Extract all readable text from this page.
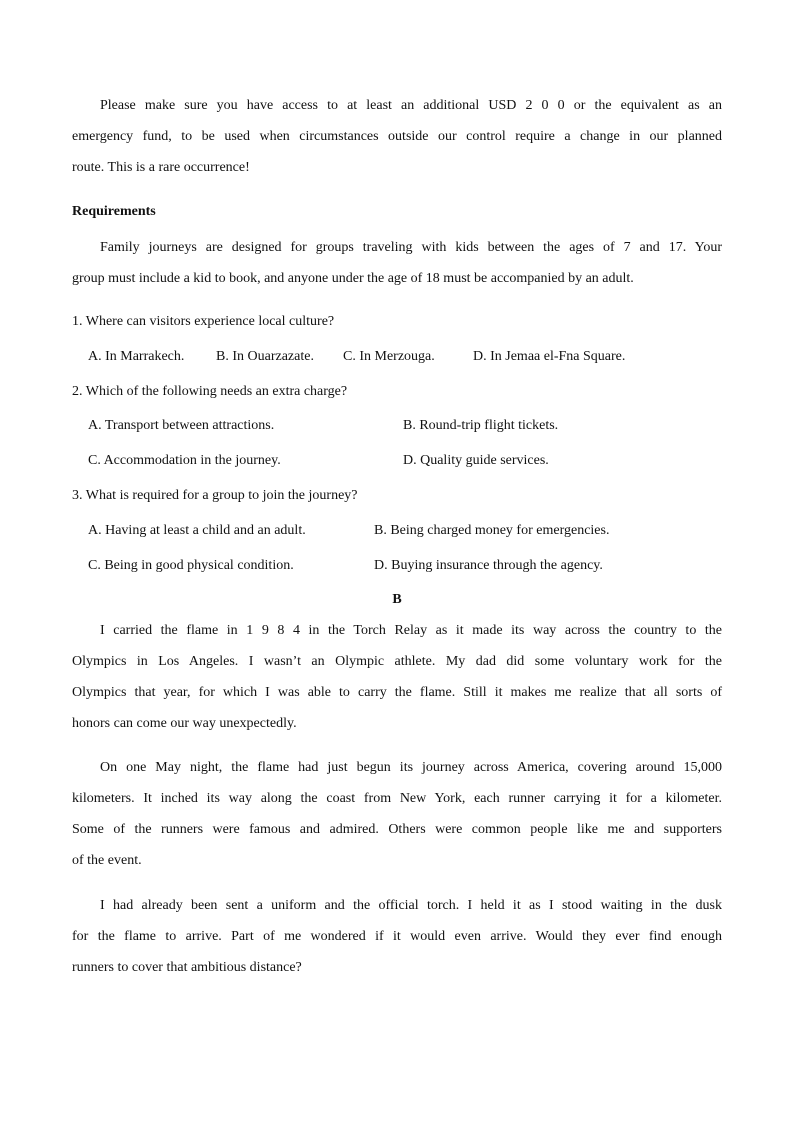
Please make sure you have access to at least an additional USD 2 0 0 or the equivalent as an
emergency fund, to be used when circumstances outside our control require a change in our planned
route. This is a rare occurrence!
Requirements
Family journeys are designed for groups traveling with kids between the ages of 7 and 17. Your
group must include a kid to book, and anyone under the age of 18 must be accompanied by an adult.
1. Where can visitors experience local culture?
A. In Marrakech. B. In Ouarzazate. C. In Merzouga.	D. In Jemaa el-Fna Square.
2. Which of the following needs an extra charge?
A. Transport between attractions.	B. Round-trip flight tickets.
C. Accommodation in the journey.	D. Quality guide services.
3. What is required for a group to join the journey?
A. Having at least a child and an adult.	B. Being charged money for emergencies.
C. Being in good physical condition.	D. Buying insurance through the agency.
B
I carried the flame in 1 9 8 4 in the Torch Relay as it made its way across the country to the
Olympics in Los Angeles. I wasn’t an Olympic athlete. My dad did some voluntary work for the
Olympics that year, for which I was able to carry the flame. Still it makes me realize that all sorts of
honors can come our way unexpectedly.
On one May night, the flame had just begun its journey across America, covering around 15,000
kilometers. It inched its way along the coast from New York, each runner carrying it for a kilometer.
Some of the runners were famous and admired. Others were common people like me and supporters
of the event.
I had already been sent a uniform and the official torch. I held it as I stood waiting in the dusk
for the flame to arrive. Part of me wondered if it would even arrive. Would they ever find enough
runners to cover that ambitious distance?
